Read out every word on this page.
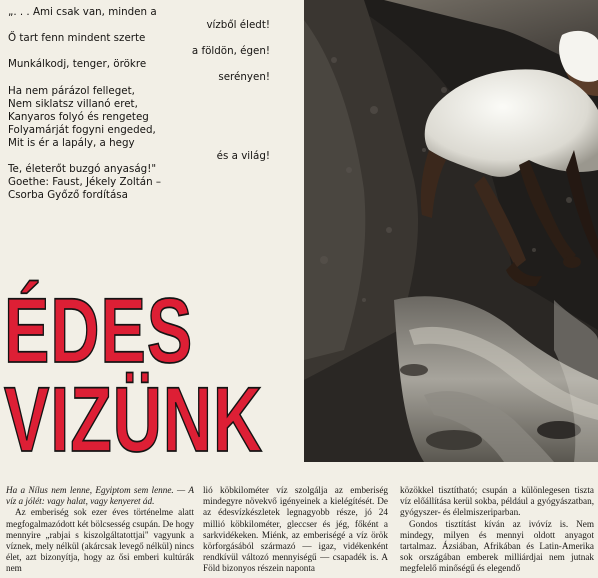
„. . . Ami csak van, minden a
vízből éledt!
Ő tart fenn mindent szerte
a földön, égen!
Munkálkodj, tenger, örökre
serényen!
Ha nem párázol felleget,
Nem siklatsz villanó eret,
Kanyaros folyó és rengeteg
Folyamárját fogyni engeded,
Mit is ér a lapály, a hegy
és a világ!
Te, életerőt buzgó anyaság!"
Goethe: Faust, Jékely Zoltán –
Csorba Győző fordítása
ÉDES
VIZÜNK

Ha a Nílus nem lenne, Egyiptom sem lenne. — A víz a jólét: vagy halat, vagy kenyeret ád.

Az emberiség sok ezer éves történelme alatt megfogalmazódott két bölcsesség csupán. De hogy mennyire „rabjai s kiszolgáltatottjai" vagyunk a víznek, mely nélkül (akárcsak levegő nélkül) nincs élet, azt bizonyítja, hogy az ősi emberi kultúrák nem

lió köbkilométer víz szolgálja az emberiség mindegyre növekvő igényeinek a kielégítését. De az édesvízkészletek legnagyobb része, jó 24 millió köbkilométer, gleccser és jég, főként a sarkvidékeken. Miénk, az emberiségé a víz örök körforgásából származó — igaz, vidékenként rendkívül változó mennyiségű — csapadék is. A Föld bizonyos részein naponta

közökkel tisztítható; csupán a különlegesen tiszta víz előállítása kerül sokba, például a gyógyászatban, gyógyszer- és élelmiszeriparban.

Gondos tisztítást kíván az ivóvíz is. Nem mindegy, milyen és mennyi oldott anyagot tartalmaz. Ázsiában, Afrikában és Latin-Amerika sok országában emberek milliárdjai nem jutnak megfelelő minőségű és elegendő
